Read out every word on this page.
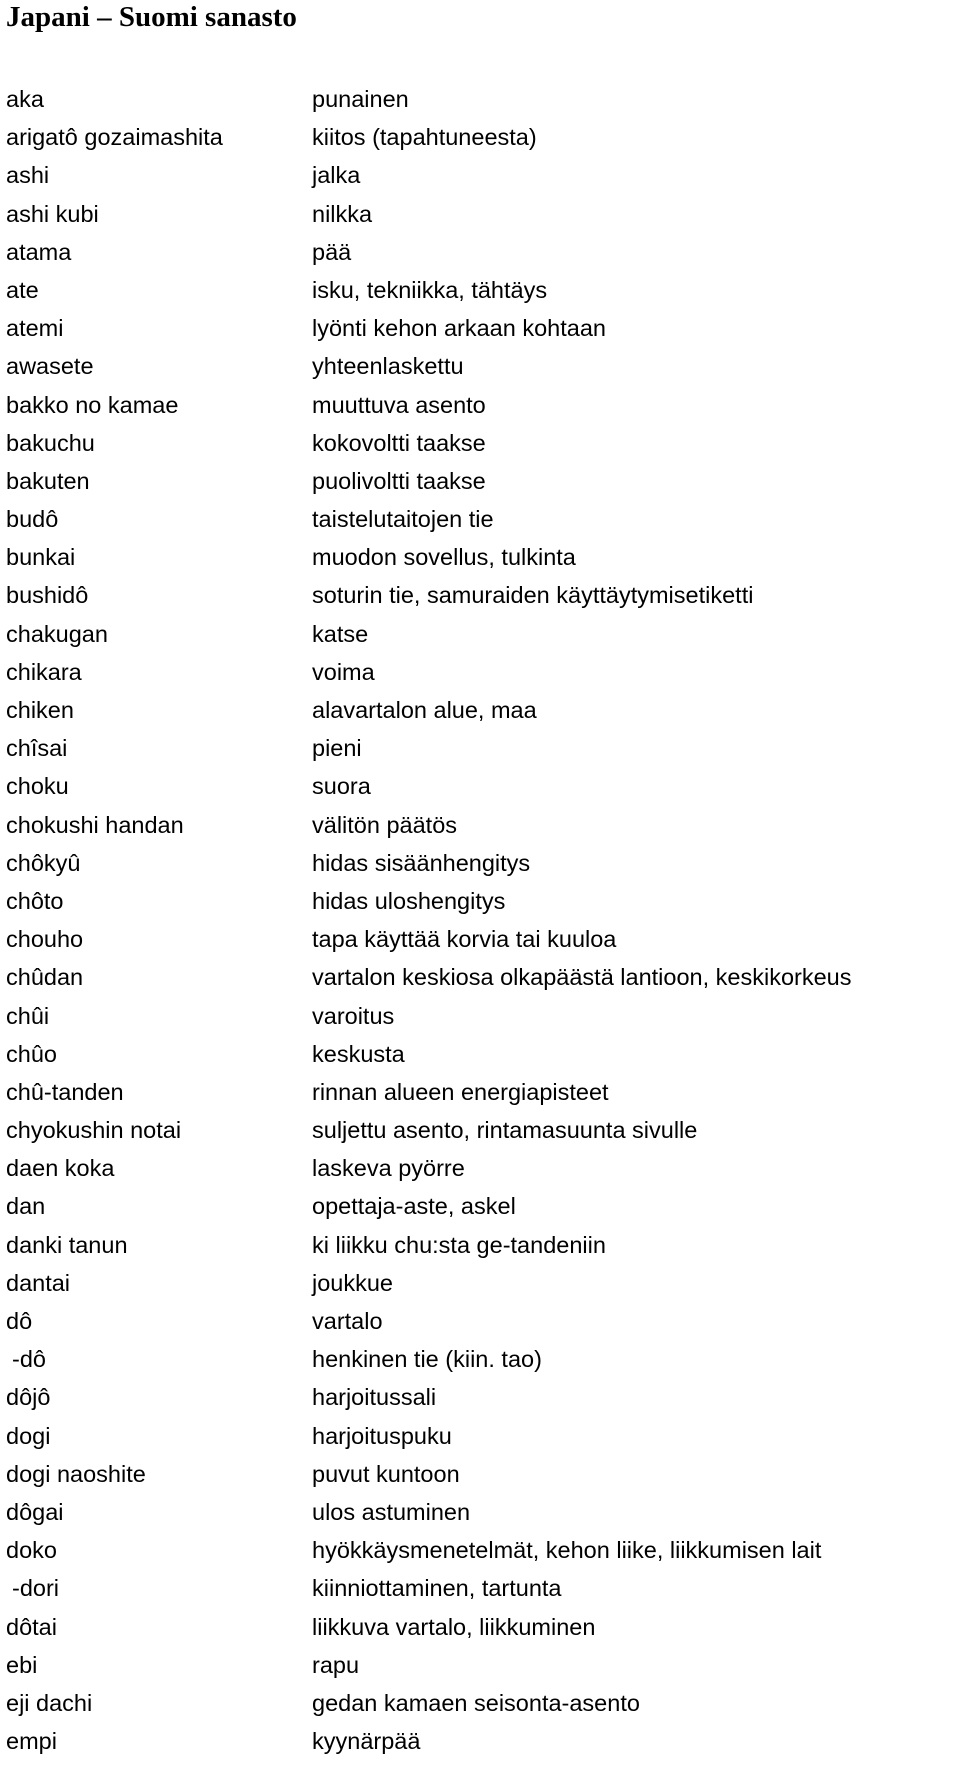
Japani – Suomi sanasto
aka	punainen
arigatô gozaimashita	kiitos (tapahtuneesta)
ashi	jalka
ashi kubi	nilkka
atama	pää
ate	isku, tekniikka, tähtäys
atemi	lyönti kehon arkaan kohtaan
awasete	yhteenlaskettu
bakko no kamae	muuttuva asento
bakuchu	kokovoltti taakse
bakuten	puolivoltti taakse
budô	taistelutaitojen tie
bunkai	muodon sovellus, tulkinta
bushidô	soturin tie, samuraiden käyttäytymisetiketti
chakugan	katse
chikara	voima
chiken	alavartalon alue, maa
chîsai	pieni
choku	suora
chokushi handan	välitön päätös
chôkyû	hidas sisäänhengitys
chôto	hidas uloshengitys
chouho	tapa käyttää korvia tai kuuloa
chûdan	vartalon keskiosa olkapäästä lantioon, keskikorkeus
chûi	varoitus
chûo	keskusta
chû-tanden	rinnan alueen energiapisteet
chyokushin notai	suljettu asento, rintamasuunta sivulle
daen koka	laskeva pyörre
dan	opettaja-aste, askel
danki tanun	ki liikku chu:sta ge-tandeniin
dantai	joukkue
dô	vartalo
-dô	henkinen tie (kiin. tao)
dôjô	harjoitussali
dogi	harjoituspuku
dogi naoshite	puvut kuntoon
dôgai	ulos astuminen
doko	hyökkäysmenetelmät, kehon liike, liikkumisen lait
-dori	kiinniottaminen, tartunta
dôtai	liikkuva vartalo, liikkuminen
ebi	rapu
eji dachi	gedan kamaen seisonta-asento
empi	kyynärpää
